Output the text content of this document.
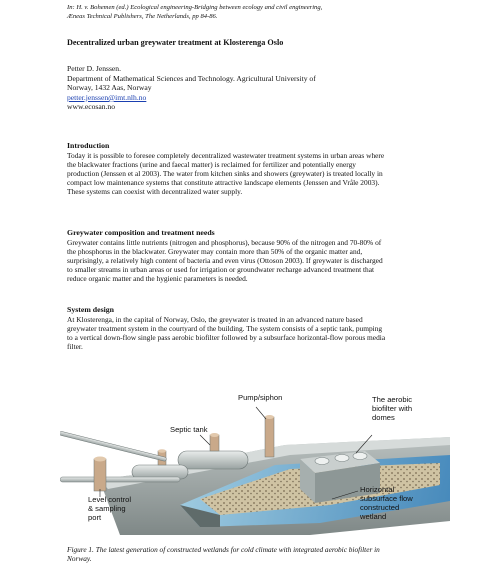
In: H. v. Bohemen (ed.) Ecological engineering-Bridging between ecology and civil engineering,
Æneas Technical Publishers, The Netherlands, pp 84-86.
Decentralized urban greywater treatment at Klosterenga Oslo
Petter D. Jenssen.
Department of Mathematical Sciences and Technology. Agricultural University of
Norway, 1432 Aas, Norway
petter.jenssen@imt.nlh.no
www.ecosan.no
Introduction

Today it is possible to foresee completely decentralized wastewater treatment systems in urban areas where the blackwater fractions (urine and faecal matter) is reclaimed for fertilizer and potentially energy production (Jenssen et al 2003). The water from kitchen sinks and showers (greywater) is treated locally in compact low maintenance systems that constitute attractive landscape elements (Jenssen and Vråle 2003). These systems can coexist with decentralized water supply.

Greywater composition and treatment needs

Greywater contains little nutrients (nitrogen and phosphorus), because 90% of the nitrogen and 70-80% of the phosphorus in the blackwater. Greywater may contain more than 50% of the organic matter and, surprisingly, a relatively high content of bacteria and even virus (Ottoson 2003). If greywater is discharged to smaller streams in urban areas or used for irrigation or groundwater recharge advanced treatment that reduce organic matter and the hygienic parameters is needed.

System design

At Klosterenga, in the capital of Norway, Oslo, the greywater is treated in an advanced nature based greywater treatment system in the courtyard of the building. The system consists of a septic tank, pumping to a vertical down-flow single pass aerobic biofilter followed by a subsurface horizontal-flow porous media filter.

Pump/siphon
Septic tank
The aerobic
biofilter with
domes
Level control
& sampling
port
Horizontal
subsurface flow
constructed
wetland
Figure 1. The latest generation of constructed wetlands for cold climate with integrated aerobic biofilter in Norway.
